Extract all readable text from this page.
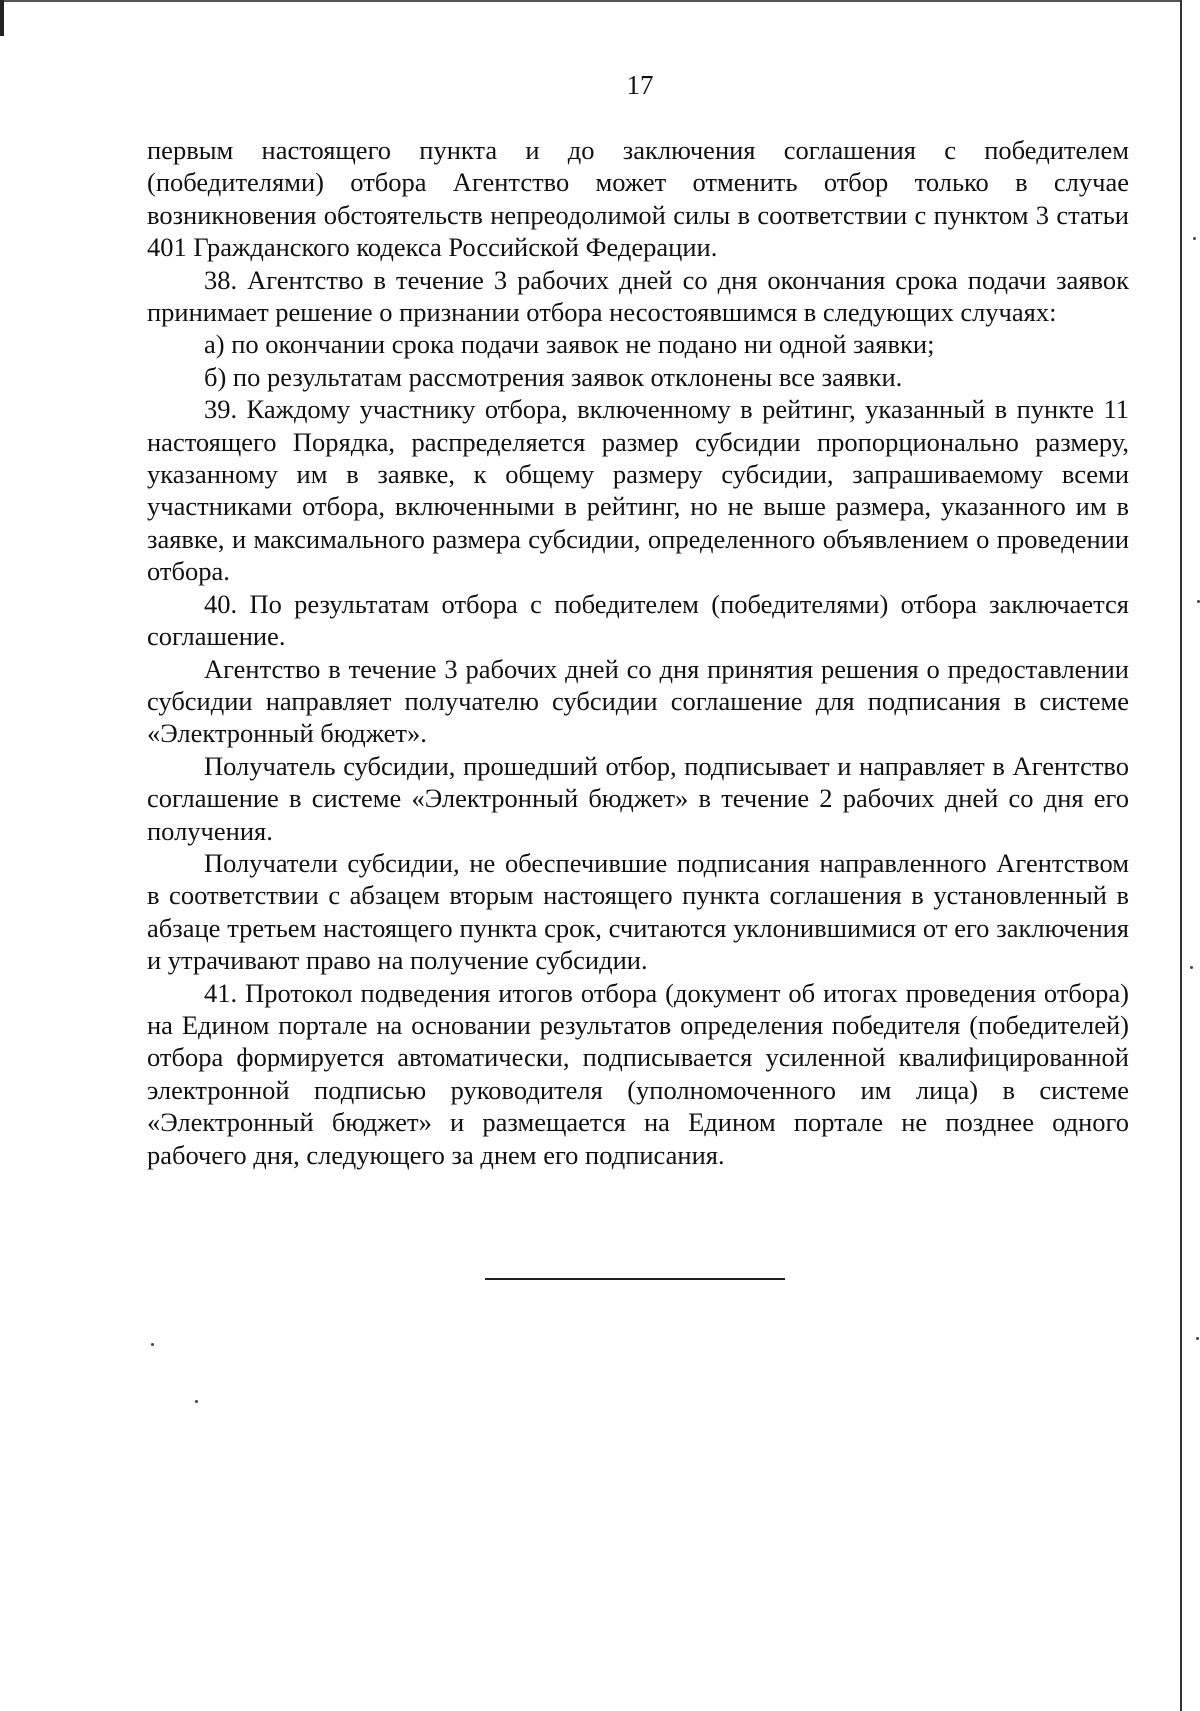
17

первым настоящего пункта и до заключения соглашения с победителем (победителями) отбора Агентство может отменить отбор только в случае возникновения обстоятельств непреодолимой силы в соответствии с пунктом 3 статьи 401 Гражданского кодекса Российской Федерации.

38. Агентство в течение 3 рабочих дней со дня окончания срока подачи заявок принимает решение о признании отбора несостоявшимся в следующих случаях:

а) по окончании срока подачи заявок не подано ни одной заявки;

б) по результатам рассмотрения заявок отклонены все заявки.

39. Каждому участнику отбора, включенному в рейтинг, указанный в пункте 11 настоящего Порядка, распределяется размер субсидии пропорционально размеру, указанному им в заявке, к общему размеру субсидии, запрашиваемому всеми участниками отбора, включенными в рейтинг, но не выше размера, указанного им в заявке, и максимального размера субсидии, определенного объявлением о проведении отбора.

40. По результатам отбора с победителем (победителями) отбора заключается соглашение.

Агентство в течение 3 рабочих дней со дня принятия решения о предоставлении субсидии направляет получателю субсидии соглашение для подписания в системе «Электронный бюджет».

Получатель субсидии, прошедший отбор, подписывает и направляет в Агентство соглашение в системе «Электронный бюджет» в течение 2 рабочих дней со дня его получения.

Получатели субсидии, не обеспечившие подписания направленного Агентством в соответствии с абзацем вторым настоящего пункта соглашения в установленный в абзаце третьем настоящего пункта срок, считаются уклонившимися от его заключения и утрачивают право на получение субсидии.

41. Протокол подведения итогов отбора (документ об итогах проведения отбора) на Едином портале на основании результатов определения победителя (победителей) отбора формируется автоматически, подписывается усиленной квалифицированной электронной подписью руководителя (уполномоченного им лица) в системе «Электронный бюджет» и размещается на Едином портале не позднее одного рабочего дня, следующего за днем его подписания.
